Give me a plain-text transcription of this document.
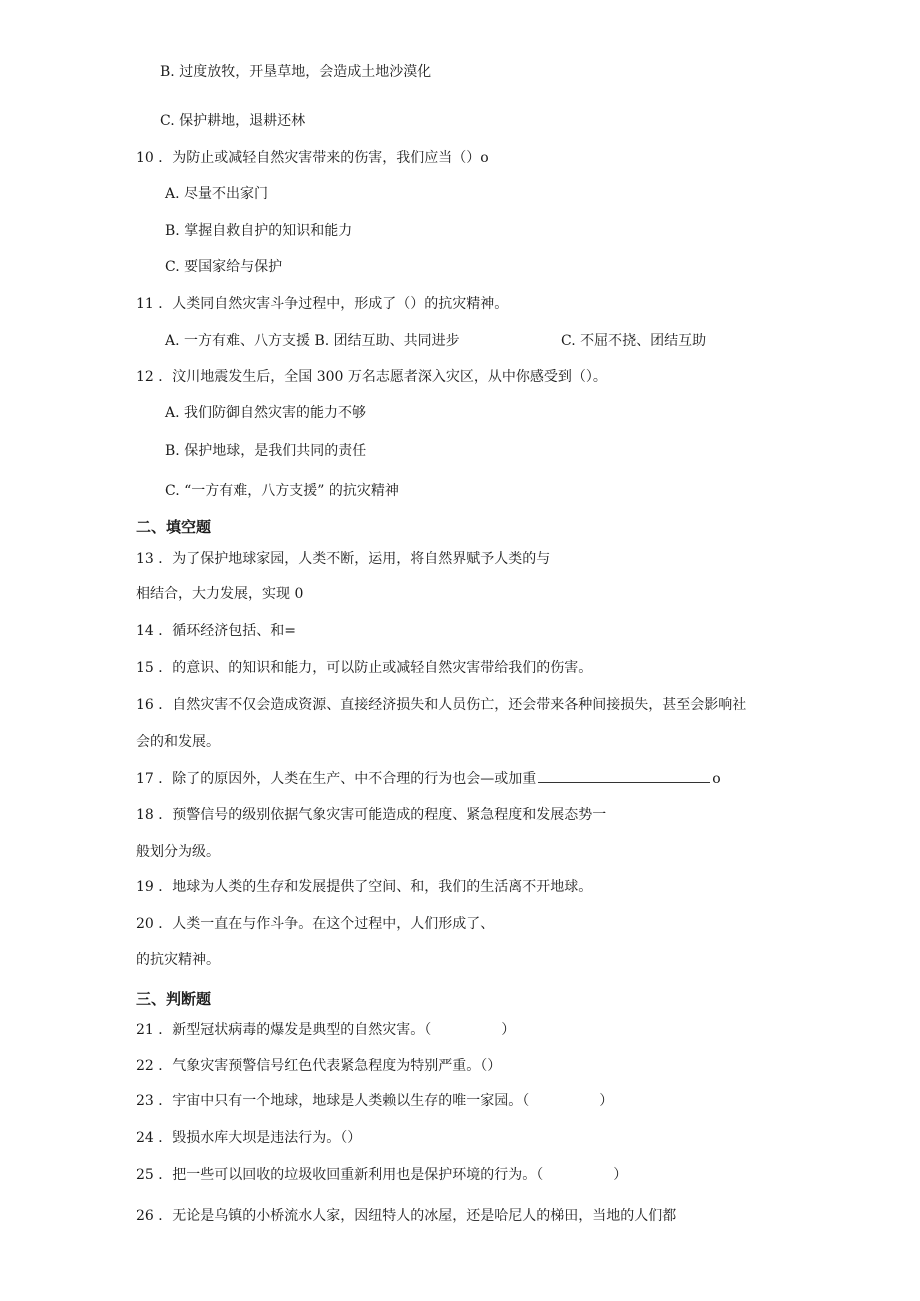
B. 过度放牧，开垦草地，会造成土地沙漠化
C. 保护耕地，退耕还林
10 ．为防止或减轻自然灾害带来的伤害，我们应当（）o
A. 尽量不出家门
B. 掌握自救自护的知识和能力
C. 要国家给与保护
11 ．人类同自然灾害斗争过程中，形成了（）的抗灾精神。
A. 一方有难、八方支援 B. 团结互助、共同进步	C. 不屈不挠、团结互助
12 ．汶川地震发生后，全国 300 万名志愿者深入灾区，从中你感受到（）。
A. 我们防御自然灾害的能力不够
B. 保护地球，是我们共同的责任
C. “一方有难，八方支援” 的抗灾精神
二、填空题
13 ．为了保护地球家园，人类不断，运用，将自然界赋予人类的与
相结合，大力发展，实现 0
14 ．循环经济包括、和=
15 ．的意识、的知识和能力，可以防止或减轻自然灾害带给我们的伤害。
16 ．自然灾害不仅会造成资源、直接经济损失和人员伤亡，还会带来各种间接损失，甚至会影响社
会的和发展。
17 ．除了的原因外，人类在生产、中不合理的行为也会—或加重	o
18 ．预警信号的级别依据气象灾害可能造成的程度、紧急程度和发展态势一
般划分为级。
19 ．地球为人类的生存和发展提供了空间、和，我们的生活离不开地球。
20 ．人类一直在与作斗争。在这个过程中，人们形成了、
的抗灾精神。
三、判断题
21 ．新型冠状病毒的爆发是典型的自然灾害。（　　　　　）
22 ．气象灾害预警信号红色代表紧急程度为特别严重。（）
23 ．宇宙中只有一个地球，地球是人类赖以生存的唯一家园。（　　　　　）
24 ．毁损水库大坝是违法行为。（）
25 ．把一些可以回收的垃圾收回重新利用也是保护环境的行为。（　　　　　）
26 ．无论是乌镇的小桥流水人家，因纽特人的冰屋，还是哈尼人的梯田，当地的人们都
